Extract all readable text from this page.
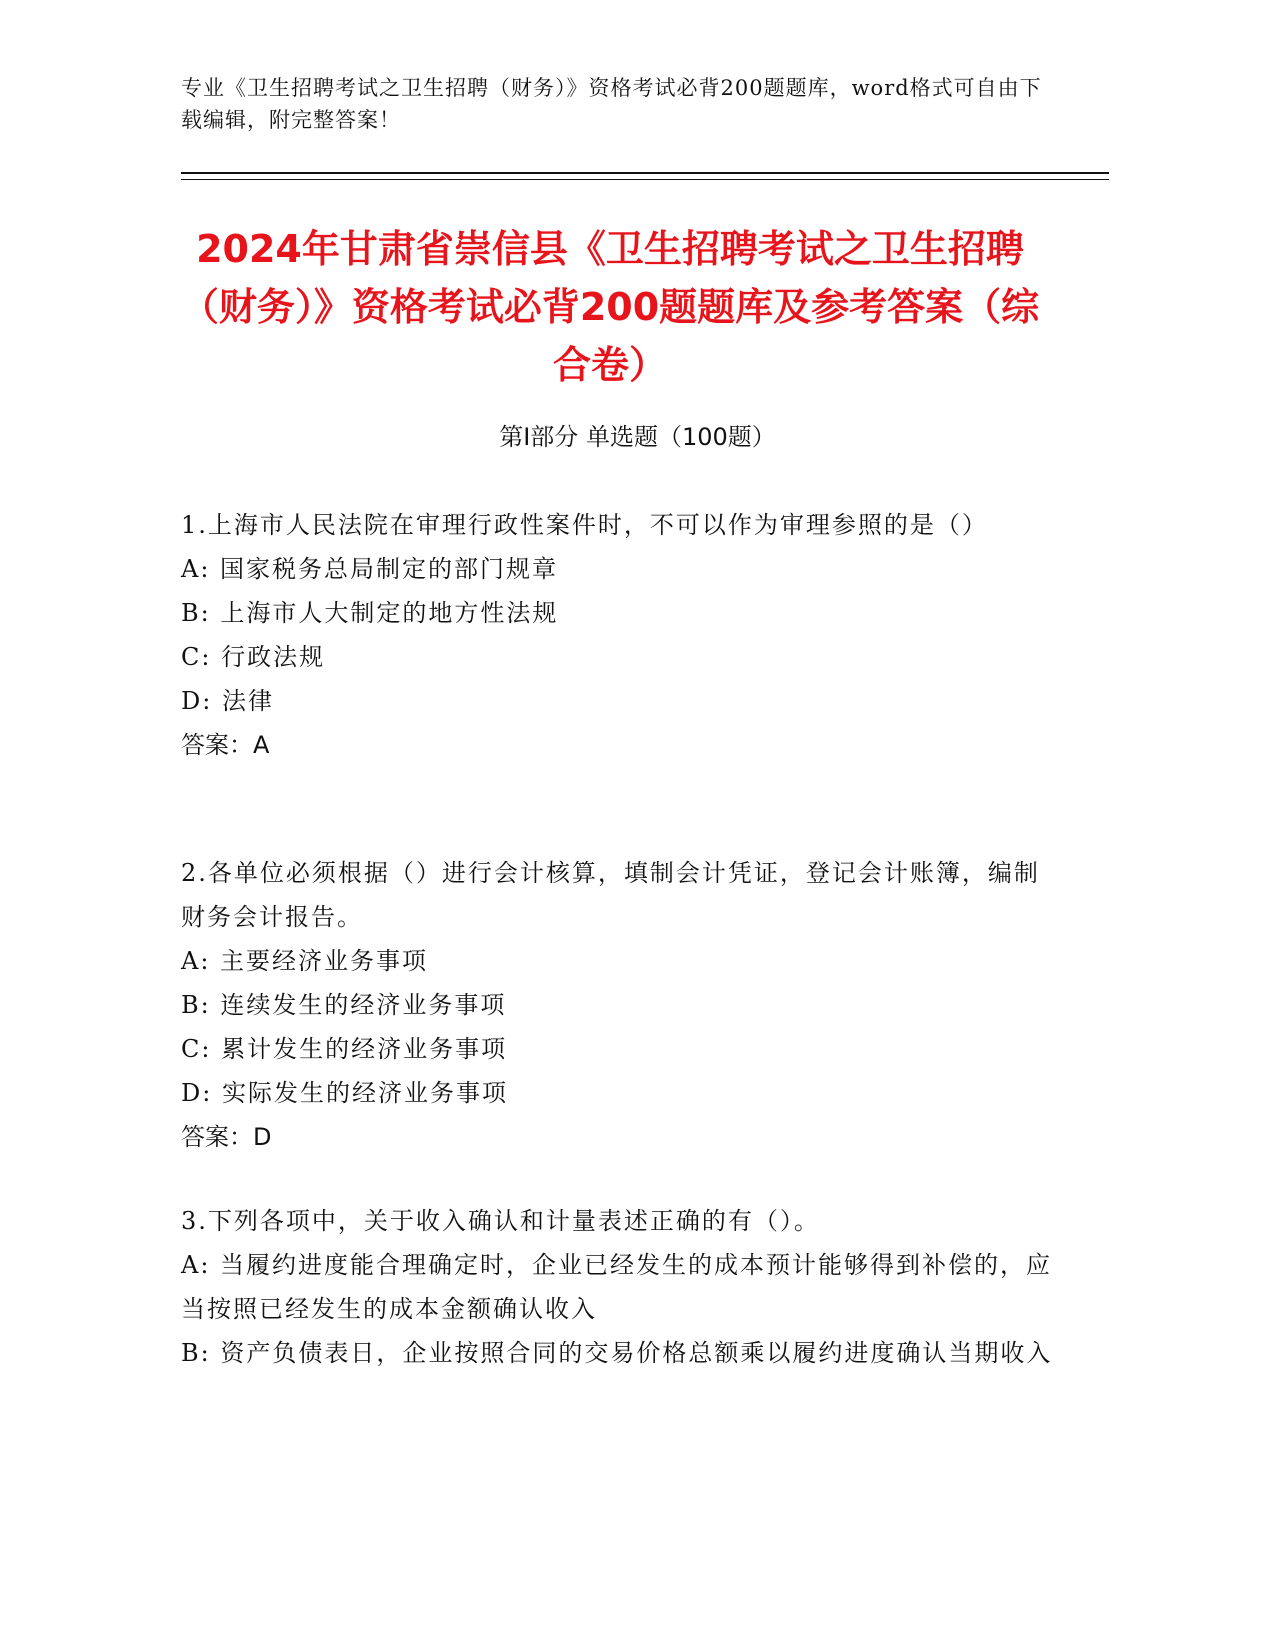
专业《卫生招聘考试之卫生招聘（财务）》资格考试必背200题题库，word格式可自由下载编辑，附完整答案！
2024年甘肃省崇信县《卫生招聘考试之卫生招聘（财务）》资格考试必背200题题库及参考答案（综合卷）
第I部分 单选题（100题）
1.上海市人民法院在审理行政性案件时，不可以作为审理参照的是（）
A: 国家税务总局制定的部门规章
B: 上海市人大制定的地方性法规
C: 行政法规
D: 法律
答案：A
2.各单位必须根据（）进行会计核算，填制会计凭证，登记会计账簿，编制财务会计报告。
A: 主要经济业务事项
B: 连续发生的经济业务事项
C: 累计发生的经济业务事项
D: 实际发生的经济业务事项
答案：D
3.下列各项中，关于收入确认和计量表述正确的有（）。
A: 当履约进度能合理确定时，企业已经发生的成本预计能够得到补偿的，应当按照已经发生的成本金额确认收入
B: 资产负债表日，企业按照合同的交易价格总额乘以履约进度确认当期收入
